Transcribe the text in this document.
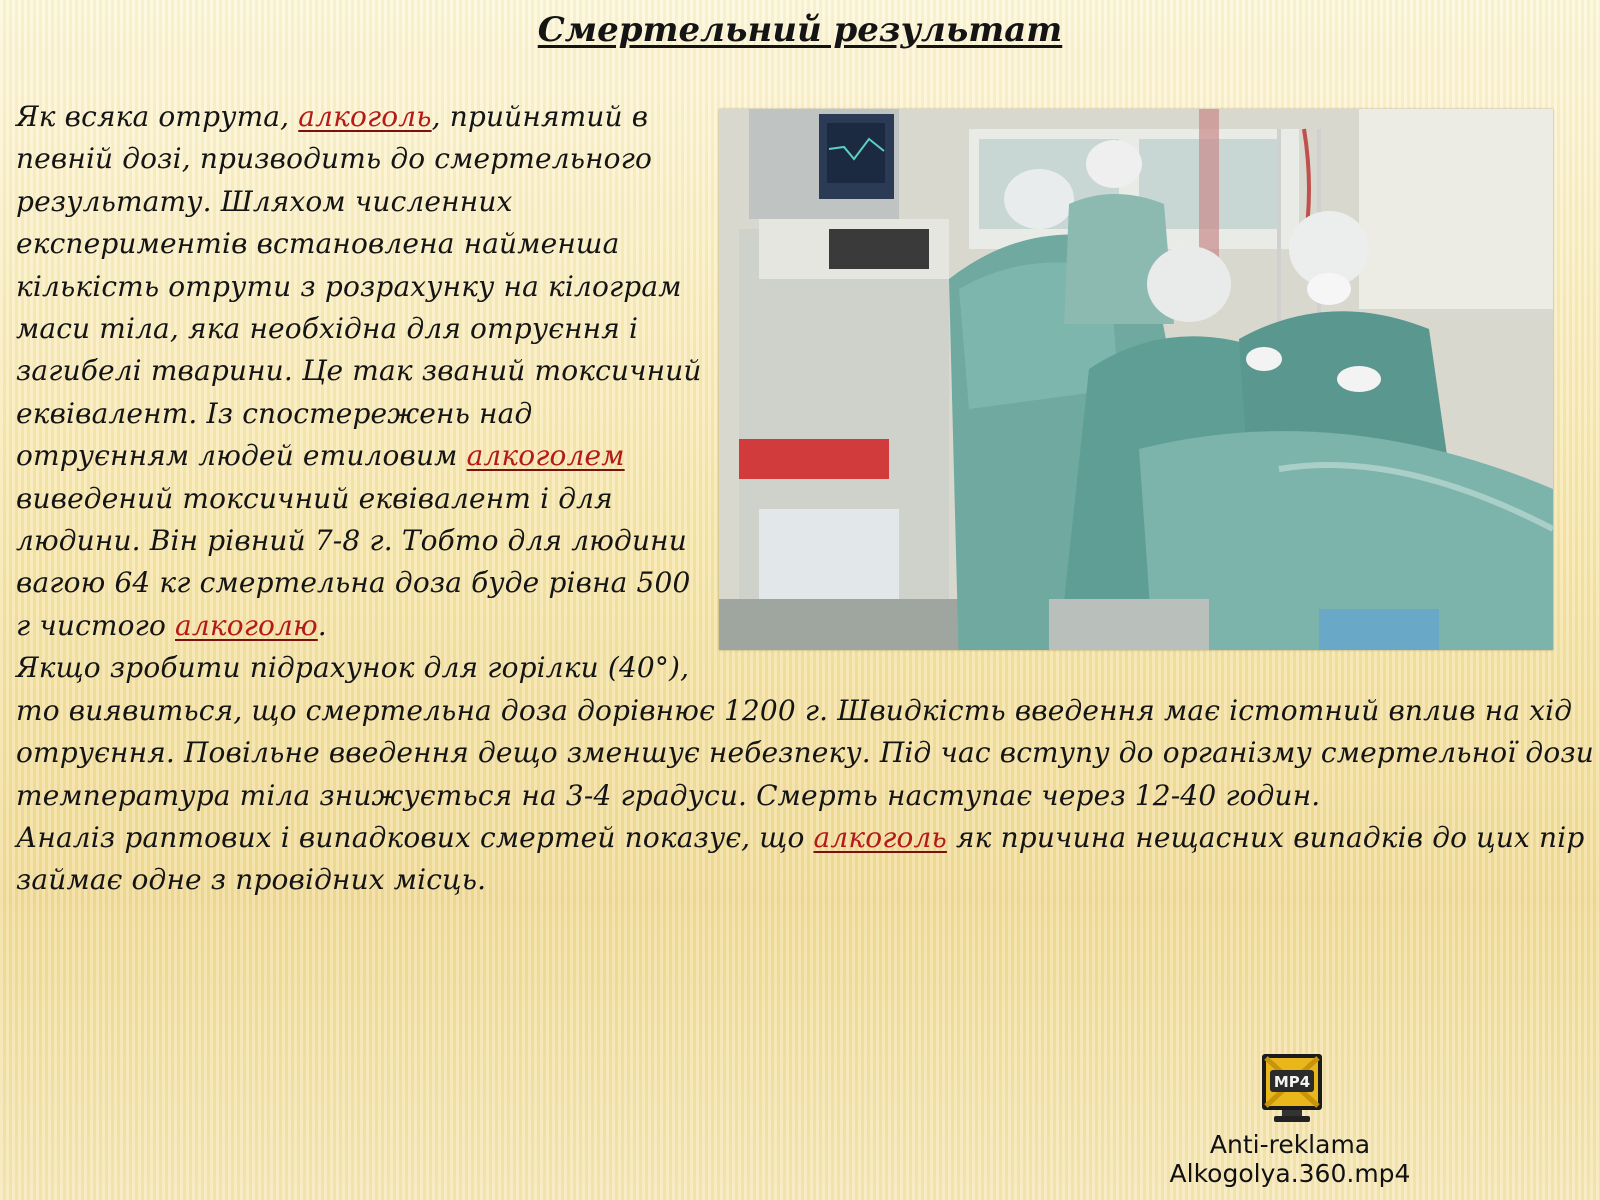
Смертельний результат
Як всяка отрута, алкоголь, прийнятий в певній дозі, призводить до смертельного результату. Шляхом численних експериментів встановлена найменша кількість отрути з розрахунку на кілограм маси тіла, яка необхідна для отруєння і загибелі тварини. Це так званий токсичний еквівалент. Із спостережень над отруєнням людей етиловим алкоголем виведений токсичний еквівалент і для людини. Він рівний 7-8 г. Тобто для людини вагою 64 кг смертельна доза буде рівна 500 г чистого алкоголю.
Якщо зробити підрахунок для горілки (40°), то виявиться, що смертельна доза дорівнює 1200 г. Швидкість введення має істотний вплив на хід отруєння. Повільне введення дещо зменшує небезпеку. Під час вступу до організму смертельної дози температура тіла знижується на 3-4 градуси. Смерть наступає через 12-40 годин.
Аналіз раптових і випадкових смертей показує, що алкоголь як причина нещасних випадків до цих пір займає одне з провідних місць.
MP4
Anti-reklama Alkogolya.360.mp4
